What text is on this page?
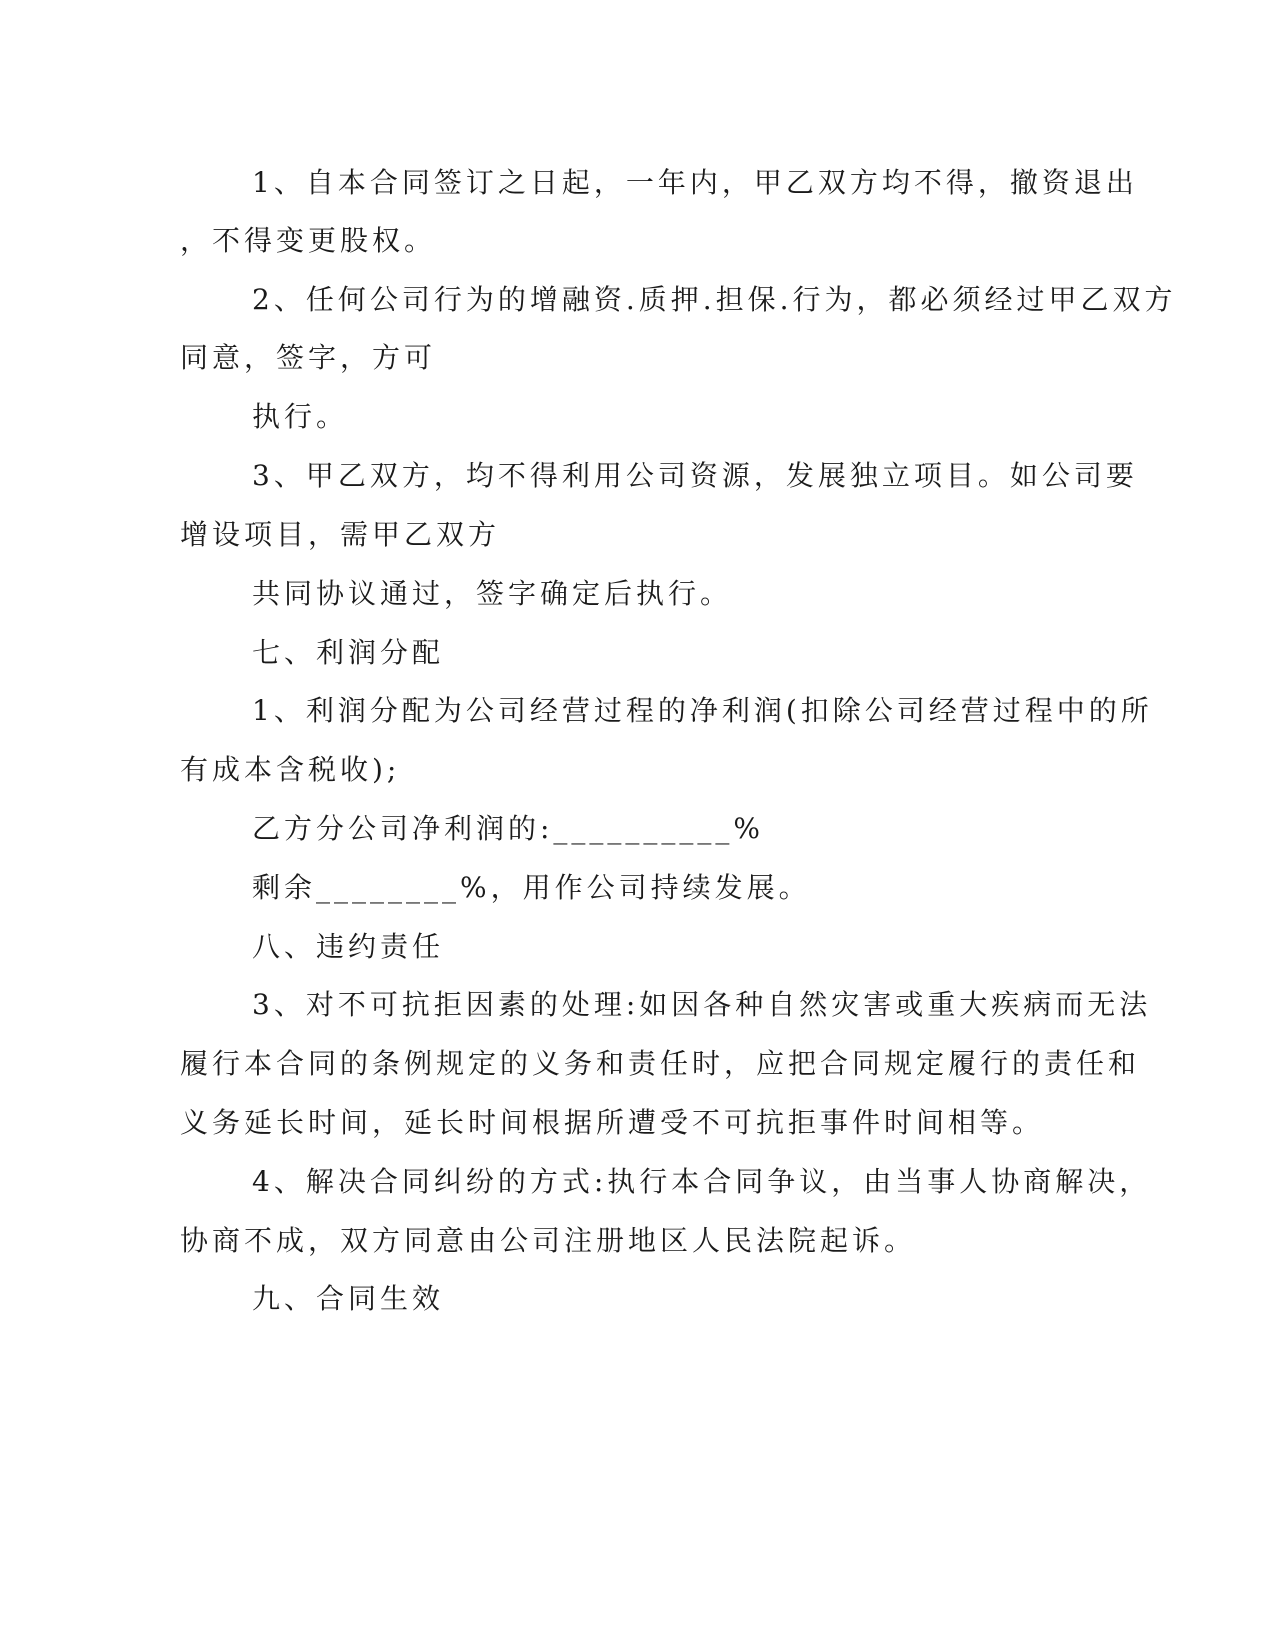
1、自本合同签订之日起，一年内，甲乙双方均不得，撤资退出
，不得变更股权。
2、任何公司行为的增融资.质押.担保.行为，都必须经过甲乙双方
同意，签字，方可
执行。
3、甲乙双方，均不得利用公司资源，发展独立项目。如公司要
增设项目，需甲乙双方
共同协议通过，签字确定后执行。
七、利润分配
1、利润分配为公司经营过程的净利润(扣除公司经营过程中的所
有成本含税收);
乙方分公司净利润的:__________%
剩余________%，用作公司持续发展。
八、违约责任
3、对不可抗拒因素的处理:如因各种自然灾害或重大疾病而无法
履行本合同的条例规定的义务和责任时，应把合同规定履行的责任和
义务延长时间，延长时间根据所遭受不可抗拒事件时间相等。
4、解决合同纠纷的方式:执行本合同争议，由当事人协商解决，
协商不成，双方同意由公司注册地区人民法院起诉。
九、合同生效
